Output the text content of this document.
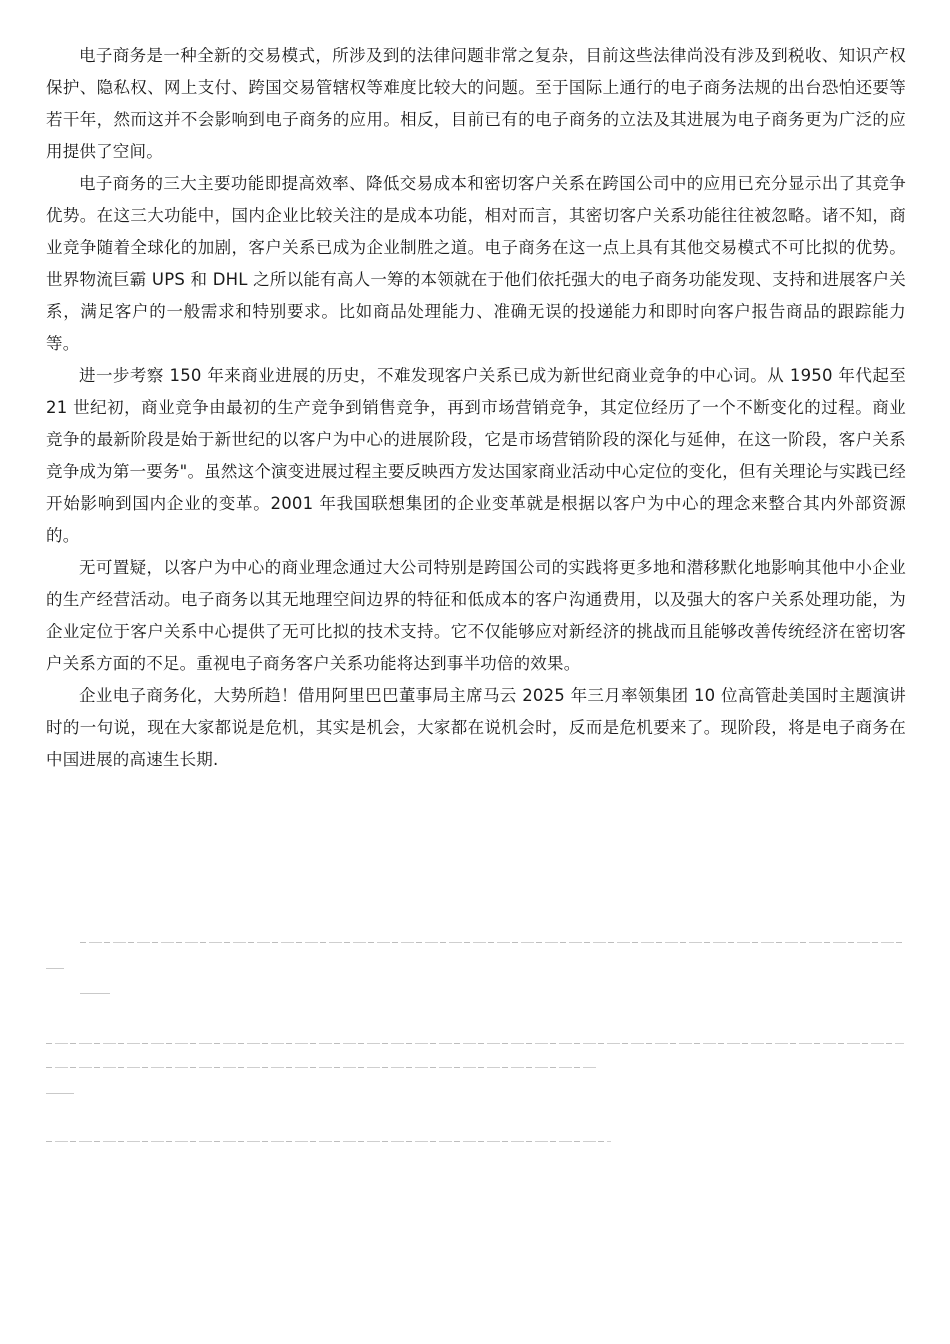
电子商务是一种全新的交易模式，所涉及到的法律问题非常之复杂，目前这些法律尚没有涉及到税收、知识产权保护、隐私权、网上支付、跨国交易管辖权等难度比较大的问题。至于国际上通行的电子商务法规的出台恐怕还要等若干年，然而这并不会影响到电子商务的应用。相反，目前已有的电子商务的立法及其进展为电子商务更为广泛的应用提供了空间。

电子商务的三大主要功能即提高效率、降低交易成本和密切客户关系在跨国公司中的应用已充分显示出了其竞争优势。在这三大功能中，国内企业比较关注的是成本功能，相对而言，其密切客户关系功能往往被忽略。诸不知，商业竞争随着全球化的加剧，客户关系已成为企业制胜之道。电子商务在这一点上具有其他交易模式不可比拟的优势。世界物流巨霸 UPS 和 DHL 之所以能有高人一筹的本领就在于他们依托强大的电子商务功能发现、支持和进展客户关系，满足客户的一般需求和特别要求。比如商品处理能力、准确无误的投递能力和即时向客户报告商品的跟踪能力等。

进一步考察 150 年来商业进展的历史，不难发现客户关系已成为新世纪商业竞争的中心词。从 1950 年代起至 21 世纪初，商业竞争由最初的生产竞争到销售竞争，再到市场营销竞争，其定位经历了一个不断变化的过程。商业竞争的最新阶段是始于新世纪的以客户为中心的进展阶段，它是市场营销阶段的深化与延伸，在这一阶段，客户关系竞争成为第一要务"。虽然这个演变进展过程主要反映西方发达国家商业活动中心定位的变化，但有关理论与实践已经开始影响到国内企业的变革。2001 年我国联想集团的企业变革就是根据以客户为中心的理念来整合其内外部资源的。

无可置疑，以客户为中心的商业理念通过大公司特别是跨国公司的实践将更多地和潜移默化地影响其他中小企业的生产经营活动。电子商务以其无地理空间边界的特征和低成本的客户沟通费用，以及强大的客户关系处理功能，为企业定位于客户关系中心提供了无可比拟的技术支持。它不仅能够应对新经济的挑战而且能够改善传统经济在密切客户关系方面的不足。重视电子商务客户关系功能将达到事半功倍的效果。

企业电子商务化，大势所趋！借用阿里巴巴董事局主席马云 2025 年三月率领集团 10 位高管赴美国时主题演讲时的一句说，现在大家都说是危机，其实是机会，大家都在说机会时，反而是危机要来了。现阶段，将是电子商务在中国进展的高速生长期.
